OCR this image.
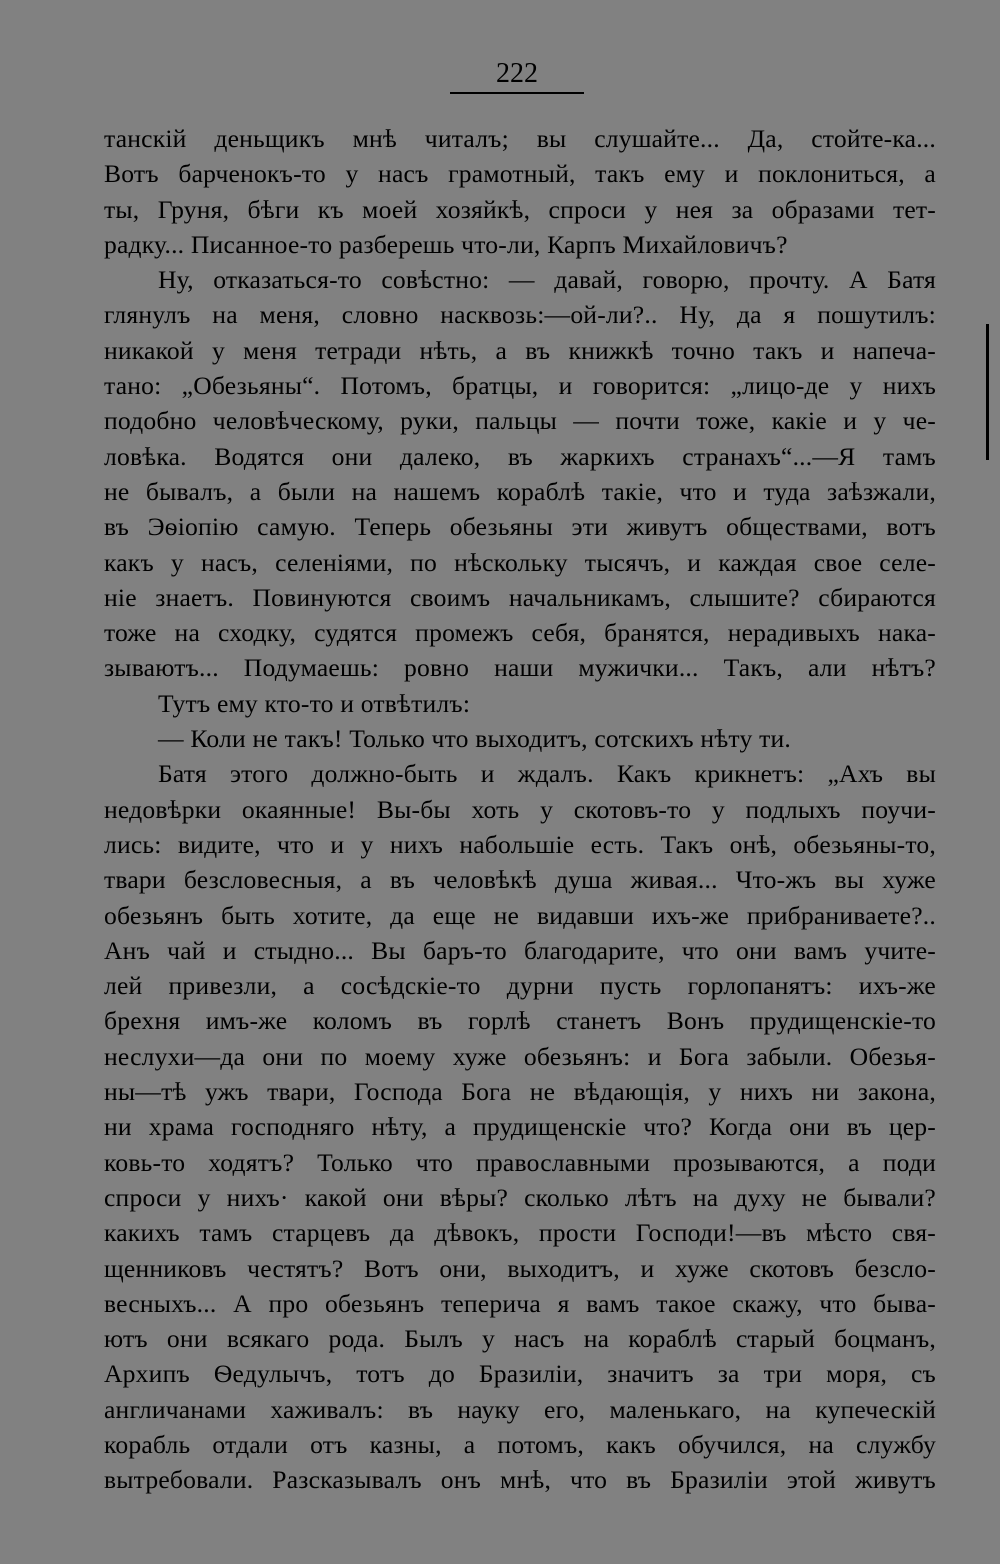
222

танскій деньщикъ мнѣ читалъ; вы слушайте... Да, стойте-ка...

Вотъ барченокъ-то у насъ грамотный, такъ ему и поклониться, а

ты, Груня, бѣги къ моей хозяйкѣ, спроси у нея за образами тет-

радку... Писанное-то разберешь что-ли, Карпъ Михайловичъ?

Ну, отказаться-то совѣстно: — давай, говорю, прочту. А Батя

глянулъ на меня, словно насквозь:—ой-ли?.. Ну, да я пошутилъ:

никакой у меня тетради нѣть, а въ книжкѣ точно такъ и напеча-

тано: „Обезьяны“. Потомъ, братцы, и говорится: „лицо-де у нихъ

подобно человѣческому, руки, пальцы — почти тоже, какіе и у че-

ловѣка. Водятся они далеко, въ жаркихъ странахъ“...—Я тамъ

не бывалъ, а были на нашемъ кораблѣ такіе, что и туда заѣзжали,

въ Эѳіопію самую. Теперь обезьяны эти живутъ обществами, вотъ

какъ у насъ, селеніями, по нѣскольку тысячъ, и каждая свое селе-

ніе знаетъ. Повинуются своимъ начальникамъ, слышите? сбираются

тоже на сходку, судятся промежъ себя, бранятся, нерадивыхъ нака-

зываютъ... Подумаешь: ровно наши мужички... Такъ, али нѣтъ?

Тутъ ему кто-то и отвѣтилъ:

— Коли не такъ! Только что выходитъ, сотскихъ нѣту ти.

Батя этого должно-быть и ждалъ. Какъ крикнетъ: „Ахъ вы

недовѣрки окаянные! Вы-бы хоть у скотовъ-то у подлыхъ поучи-

лись: видите, что и у нихъ набольшіе есть. Такъ онѣ, обезьяны-то,

твари безсловесныя, а въ человѣкѣ душа живая... Что-жъ вы хуже

обезьянъ быть хотите, да еще не видавши ихъ-же прибраниваете?..

Анъ чай и стыдно... Вы баръ-то благодарите, что они вамъ учите-

лей привезли, а сосѣдскіе-то дурни пусть горлопанятъ: ихъ-же

брехня имъ-же коломъ въ горлѣ станетъ Вонъ прудищенскіе-то

неслухи—да они по моему хуже обезьянъ: и Бога забыли. Обезья-

ны—тѣ ужъ твари, Господа Бога не вѣдающія, у нихъ ни закона,

ни храма господняго нѣту, а прудищенскіе что? Когда они въ цер-

ковь-то ходятъ? Только что православными прозываются, а поди

спроси у нихъ· какой они вѣры? сколько лѣтъ на духу не бывали?

какихъ тамъ старцевъ да дѣвокъ, прости Господи!—въ мѣсто свя-

щенниковъ честятъ? Вотъ они, выходитъ, и хуже скотовъ безсло-

весныхъ... А про обезьянъ теперича я вамъ такое скажу, что быва-

ютъ они всякаго рода. Былъ у насъ на кораблѣ старый боцманъ,

Архипъ Ѳедулычъ, тотъ до Бразиліи, значитъ за три моря, съ

англичанами хаживалъ: въ науку его, маленькаго, на купеческій

корабль отдали отъ казны, а потомъ, какъ обучился, на службу

вытребовали. Разсказывалъ онъ мнѣ, что въ Бразиліи этой живутъ
